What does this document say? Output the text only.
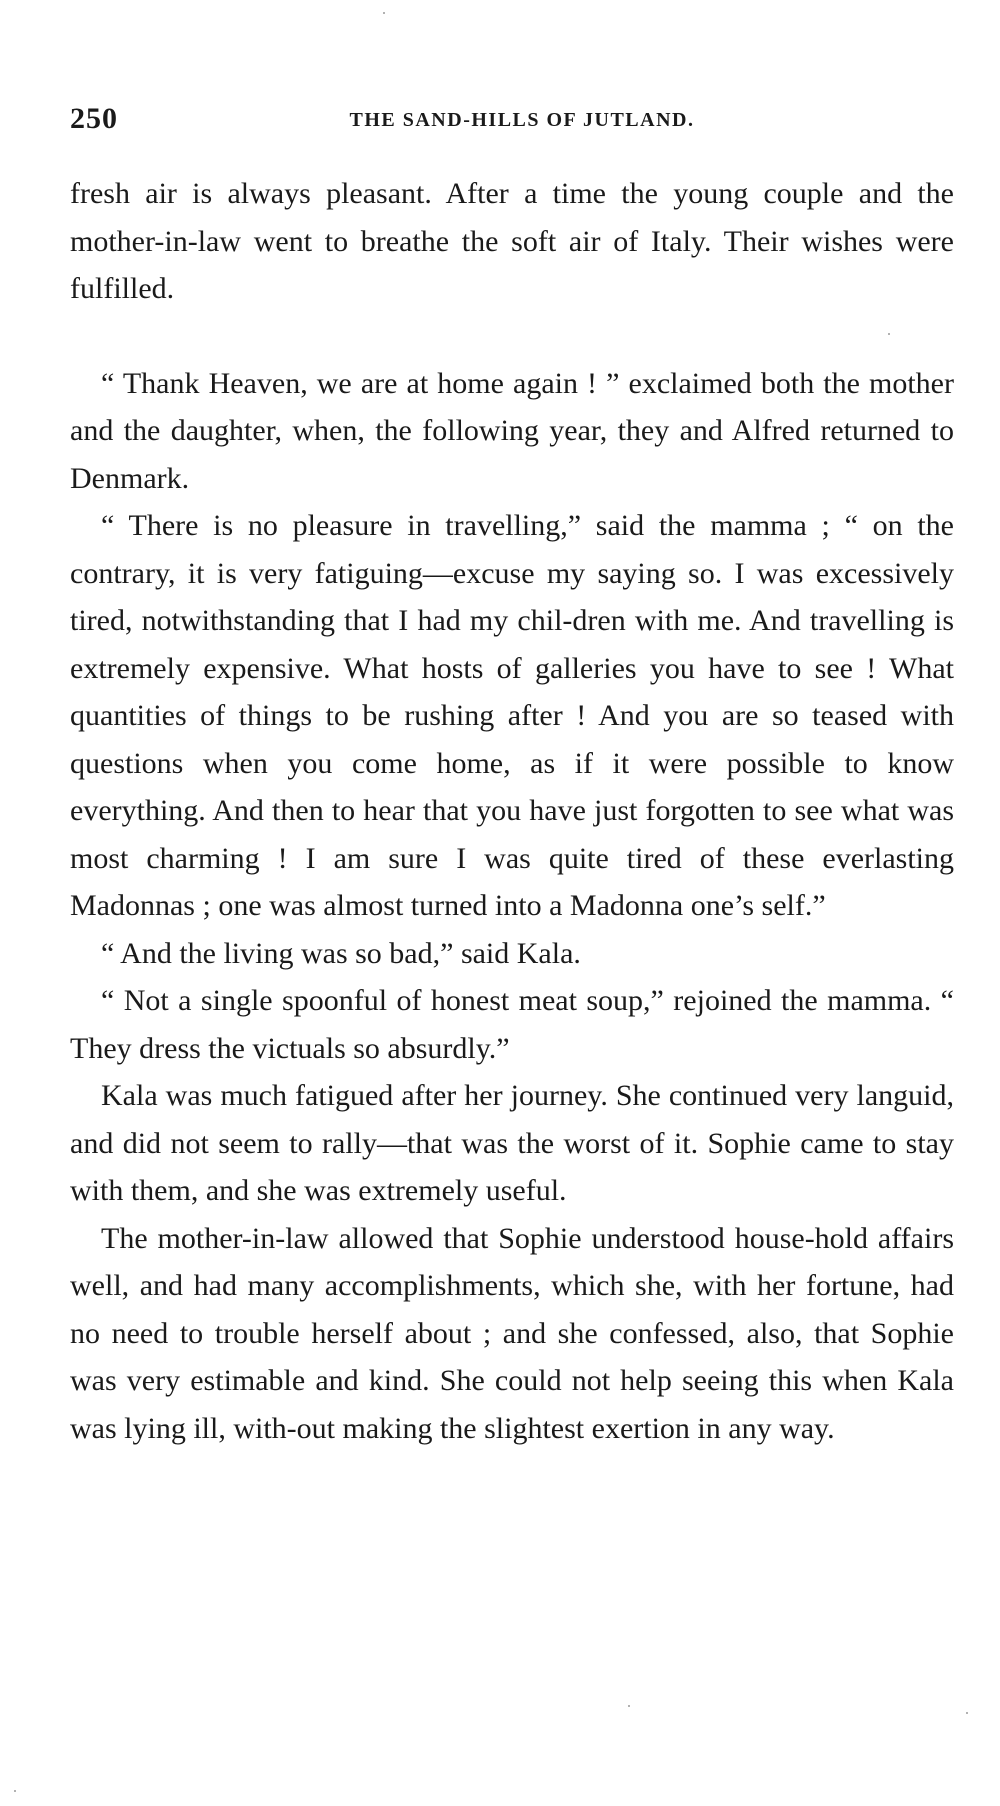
250	THE SAND-HILLS OF JUTLAND.

fresh air is always pleasant. After a time the young couple and the mother-in-law went to breathe the soft air of Italy. Their wishes were fulfilled.

“ Thank Heaven, we are at home again ! ” exclaimed both the mother and the daughter, when, the following year, they and Alfred returned to Denmark.

“ There is no pleasure in travelling,” said the mamma ; “ on the contrary, it is very fatiguing—excuse my saying so. I was excessively tired, notwithstanding that I had my chil-dren with me. And travelling is extremely expensive. What hosts of galleries you have to see ! What quantities of things to be rushing after ! And you are so teased with questions when you come home, as if it were possible to know everything. And then to hear that you have just forgotten to see what was most charming ! I am sure I was quite tired of these everlasting Madonnas ; one was almost turned into a Madonna one’s self.”

“ And the living was so bad,” said Kala.

“ Not a single spoonful of honest meat soup,” rejoined the mamma. “ They dress the victuals so absurdly.”

Kala was much fatigued after her journey. She continued very languid, and did not seem to rally—that was the worst of it. Sophie came to stay with them, and she was extremely useful.

The mother-in-law allowed that Sophie understood house-hold affairs well, and had many accomplishments, which she, with her fortune, had no need to trouble herself about ; and she confessed, also, that Sophie was very estimable and kind. She could not help seeing this when Kala was lying ill, with-out making the slightest exertion in any way.
